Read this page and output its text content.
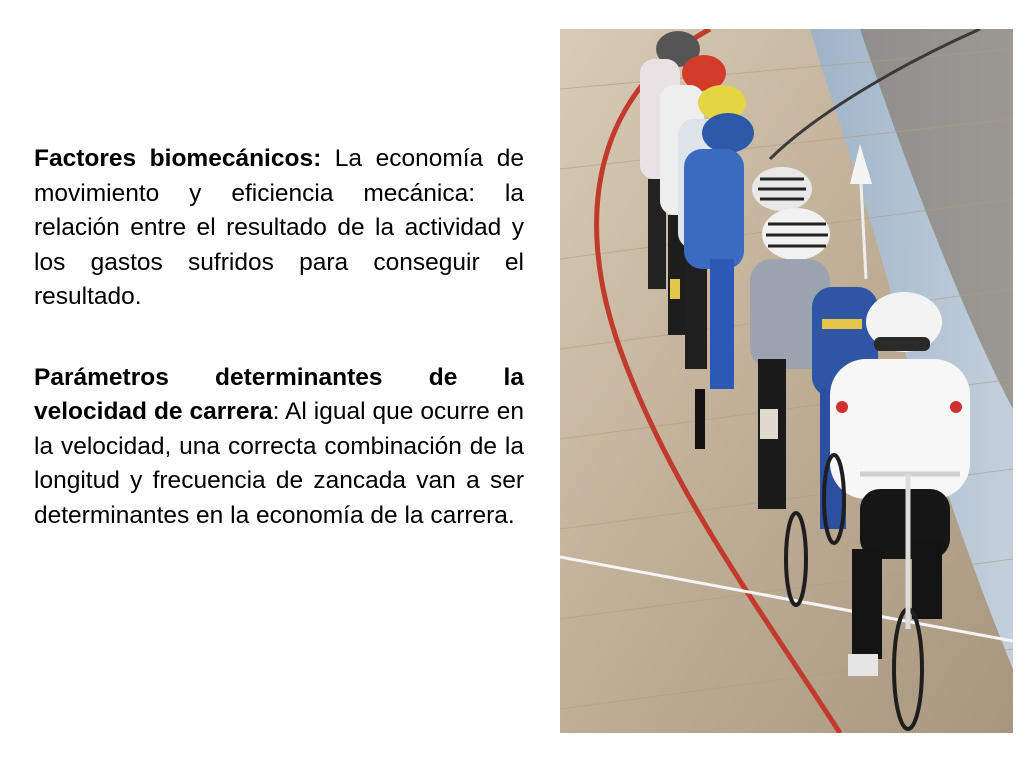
Factores biomecánicos: La economía de movimiento y eficiencia mecánica: la relación entre el resultado de la actividad y los gastos sufridos para conseguir el resultado.

Parámetros determinantes de la velocidad de carrera: Al igual que ocurre en la velocidad, una correcta combinación de la longitud y frecuencia de zancada van a ser determinantes en la economía de la carrera.
